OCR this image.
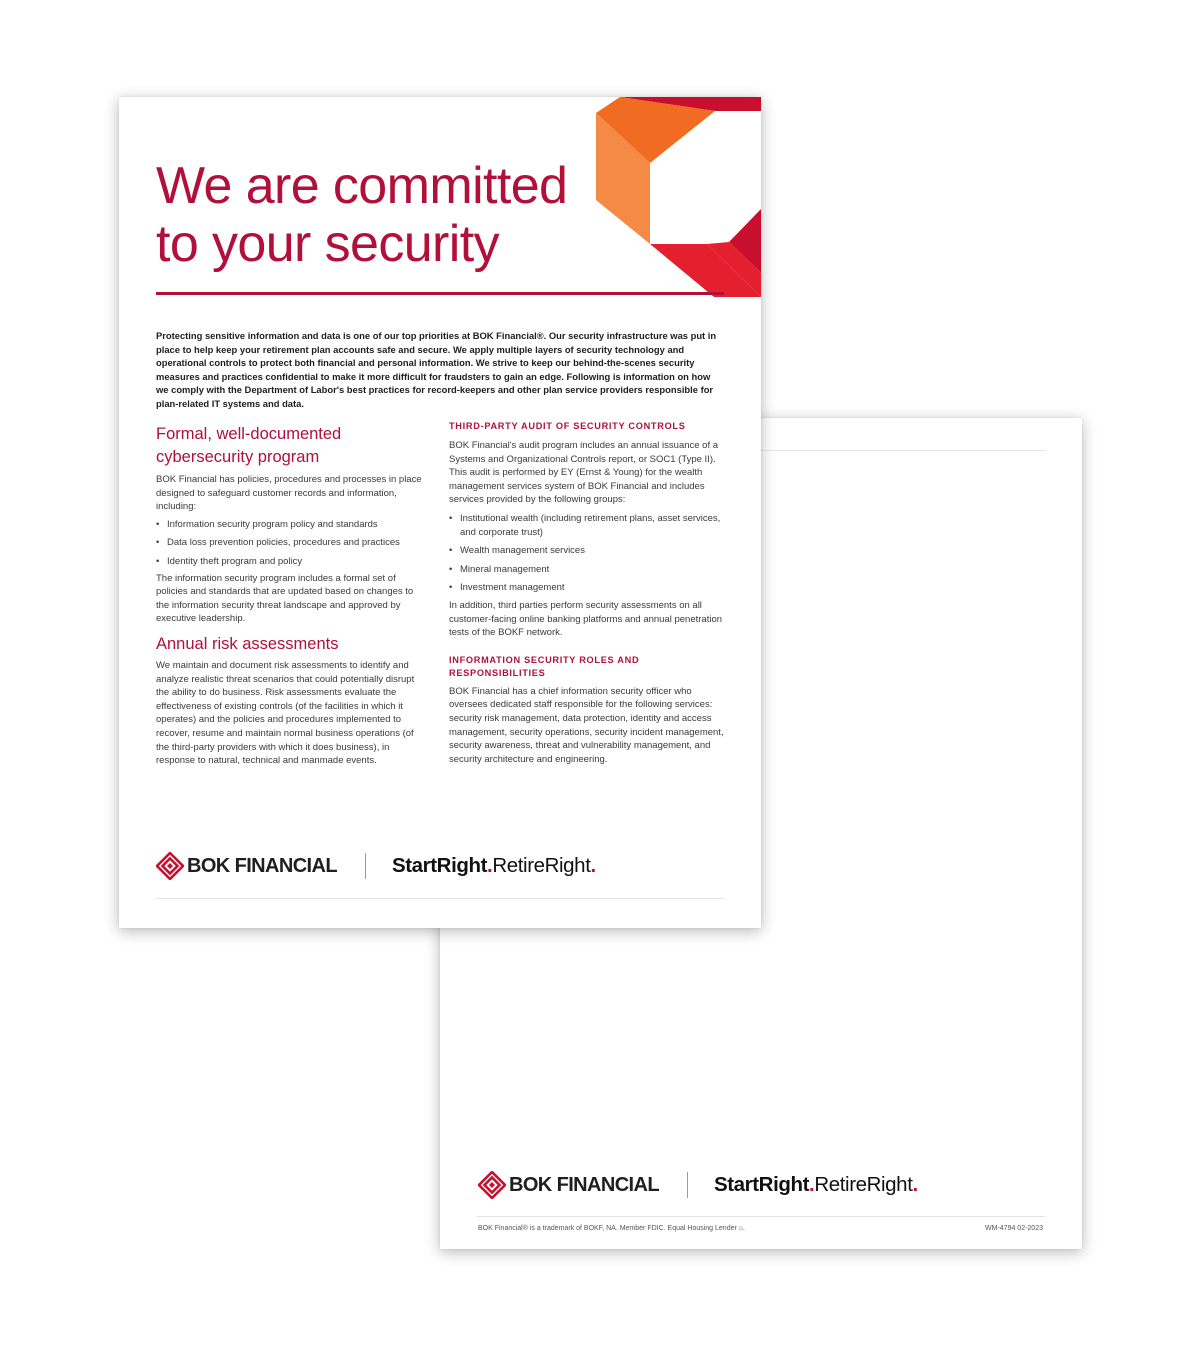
BOK FINANCIAL	StartRight.RetireRight.
BOK Financial® is a trademark of BOKF, NA. Member FDIC. Equal Housing Lender ⌂.	WM-4794 02-2023
We are committed
to your security

Protecting sensitive information and data is one of our top priorities at BOK Financial®. Our security infrastructure was put in place to help keep your retirement plan accounts safe and secure. We apply multiple layers of security technology and operational controls to protect both financial and personal information. We strive to keep our behind-the-scenes security measures and practices confidential to make it more difficult for fraudsters to gain an edge. Following is information on how we comply with the Department of Labor's best practices for record-keepers and other plan service providers responsible for plan-related IT systems and data.

Formal, well-documented
cybersecurity program

BOK Financial has policies, procedures and processes in place designed to safeguard customer records and information, including:

• Information security program policy and standards
• Data loss prevention policies, procedures and practices
• Identity theft program and policy

The information security program includes a formal set of policies and standards that are updated based on changes to the information security threat landscape and approved by executive leadership.

Annual risk assessments

We maintain and document risk assessments to identify and analyze realistic threat scenarios that could potentially disrupt the ability to do business. Risk assessments evaluate the effectiveness of existing controls (of the facilities in which it operates) and the policies and procedures implemented to recover, resume and maintain normal business operations (of the third-party providers with which it does business), in response to natural, technical and manmade events.

THIRD-PARTY AUDIT OF SECURITY CONTROLS

BOK Financial's audit program includes an annual issuance of a Systems and Organizational Controls report, or SOC1 (Type II). This audit is performed by EY (Ernst & Young) for the wealth management services system of BOK Financial and includes services provided by the following groups:

• Institutional wealth (including retirement plans, asset services, and corporate trust)
• Wealth management services
• Mineral management
• Investment management

In addition, third parties perform security assessments on all customer-facing online banking platforms and annual penetration tests of the BOKF network.

INFORMATION SECURITY ROLES AND
RESPONSIBILITIES

BOK Financial has a chief information security officer who oversees dedicated staff responsible for the following services: security risk management, data protection, identity and access management, security operations, security incident management, security awareness, threat and vulnerability management, and security architecture and engineering.

BOK FINANCIAL	StartRight.RetireRight.
